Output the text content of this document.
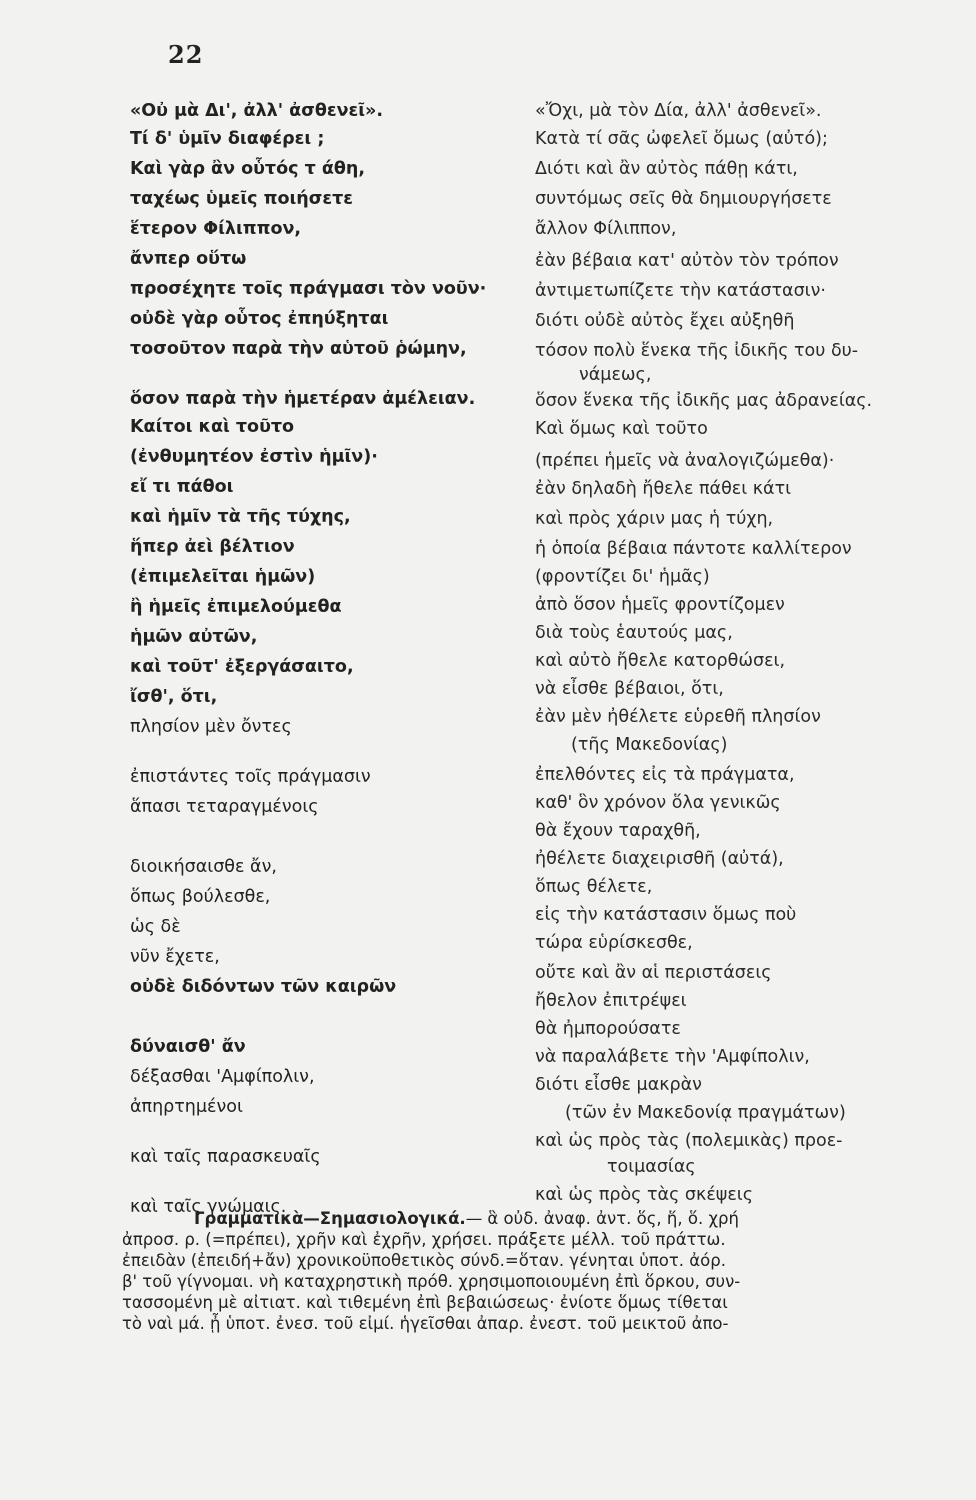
22
«Οὐ μὰ Δι', ἀλλ' ἀσθενεῖ».
Τί δ' ὑμῖν διαφέρει ;
Καὶ γὰρ ἂν οὗτός τ άθη,
ταχέως ὑμεῖς ποιήσετε
ἕτερον Φίλιππον,
ἄνπερ οὕτω
προσέχητε τοῖς πράγμασι τὸν νοῦν·
οὐδὲ γὰρ οὗτος ἐπηύξηται
τοσοῦτον παρὰ τὴν αὑτοῦ ῥώμην,
ὅσον παρὰ τὴν ἡμετέραν ἀμέλειαν.
Καίτοι καὶ τοῦτο
(ἐνθυμητέον ἐστὶν ἡμῖν)·
εἴ τι πάθοι
καὶ ἡμῖν τὰ τῆς τύχης,
ἥπερ ἀεὶ βέλτιον
(ἐπιμελεῖται ἡμῶν)
ἢ ἡμεῖς ἐπιμελούμεθα
ἡμῶν αὐτῶν,
καὶ τοῦτ' ἐξεργάσαιτο,
ἴσθ', ὅτι,
πλησίον μὲν ὄντες
ἐπιστάντες τοῖς πράγμασιν
ἅπασι τεταραγμένοις
διοικήσαισθε ἄν,
ὅπως βούλεσθε,
ὡς δὲ
νῦν ἔχετε,
οὐδὲ διδόντων τῶν καιρῶν
δύναισθ' ἄν
δέξασθαι 'Αμφίπολιν,
ἀπηρτημένοι
καὶ ταῖς παρασκευαῖς
καὶ ταῖς γνώμαις.
«Ὄχι, μὰ τὸν Δία, ἀλλ' ἀσθενεῖ».
Κατὰ τί σᾶς ὠφελεῖ ὅμως (αὐτό);
Διότι καὶ ἂν αὐτὸς πάθῃ κάτι,
συντόμως σεῖς θὰ δημιουργήσετε
ἄλλον Φίλιππον,
ἐὰν βέβαια κατ' αὐτὸν τὸν τρόπον
ἀντιμετωπίζετε τὴν κατάστασιν·
διότι οὐδὲ αὐτὸς ἔχει αὐξηθῆ
τόσον πολὺ ἕνεκα τῆς ἰδικῆς του δυ-
νάμεως,
ὅσον ἕνεκα τῆς ἰδικῆς μας ἀδρανείας.
Καὶ ὅμως καὶ τοῦτο
(πρέπει ἡμεῖς νὰ ἀναλογιζώμεθα)·
ἐὰν δηλαδὴ ἤθελε πάθει κάτι
καὶ πρὸς χάριν μας ἡ τύχη,
ἡ ὁποία βέβαια πάντοτε καλλίτερον
(φροντίζει δι' ἡμᾶς)
ἀπὸ ὅσον ἡμεῖς φροντίζομεν
διὰ τοὺς ἑαυτούς μας,
καὶ αὐτὸ ἤθελε κατορθώσει,
νὰ εἶσθε βέβαιοι, ὅτι,
ἐὰν μὲν ἠθέλετε εὑρεθῆ πλησίον
(τῆς Μακεδονίας)
ἐπελθόντες εἰς τὰ πράγματα,
καθ' ὃν χρόνον ὅλα γενικῶς
θὰ ἔχουν ταραχθῆ,
ἠθέλετε διαχειρισθῆ (αὐτά),
ὅπως θέλετε,
εἰς τὴν κατάστασιν ὅμως ποὺ
τώρα εὑρίσκεσθε,
οὔτε καὶ ἂν αἱ περιστάσεις
ἤθελον ἐπιτρέψει
θὰ ἠμπορούσατε
νὰ παραλάβετε τὴν 'Αμφίπολιν,
διότι εἶσθε μακρὰν
(τῶν ἐν Μακεδονίᾳ πραγμάτων)
καὶ ὡς πρὸς τὰς (πολεμικὰς) προε-
τοιμασίας
καὶ ὡς πρὸς τὰς σκέψεις
Γραμματικὰ—Σημασιολογικά.— ἃ οὐδ. ἀναφ. ἀντ. ὅς, ἥ, ὅ. χρή
ἀπροσ. ρ. (=πρέπει), χρῆν καὶ ἐχρῆν, χρήσει. πράξετε μέλλ. τοῦ πράττω.
ἐπειδὰν (ἐπειδή+ἄν) χρονικοϋποθετικὸς σύνδ.=ὅταν. γένηται ὑποτ. ἀόρ.
β' τοῦ γίγνομαι. νὴ καταχρηστικὴ πρόθ. χρησιμοποιουμένη ἐπὶ ὅρκου, συν-
τασσομένη μὲ αἰτιατ. καὶ τιθεμένη ἐπὶ βεβαιώσεως· ἐνίοτε ὅμως τίθεται
τὸ ναὶ μά. ᾖ ὑποτ. ἐνεσ. τοῦ εἰμί. ἡγεῖσθαι ἀπαρ. ἐνεστ. τοῦ μεικτοῦ ἀπο-
